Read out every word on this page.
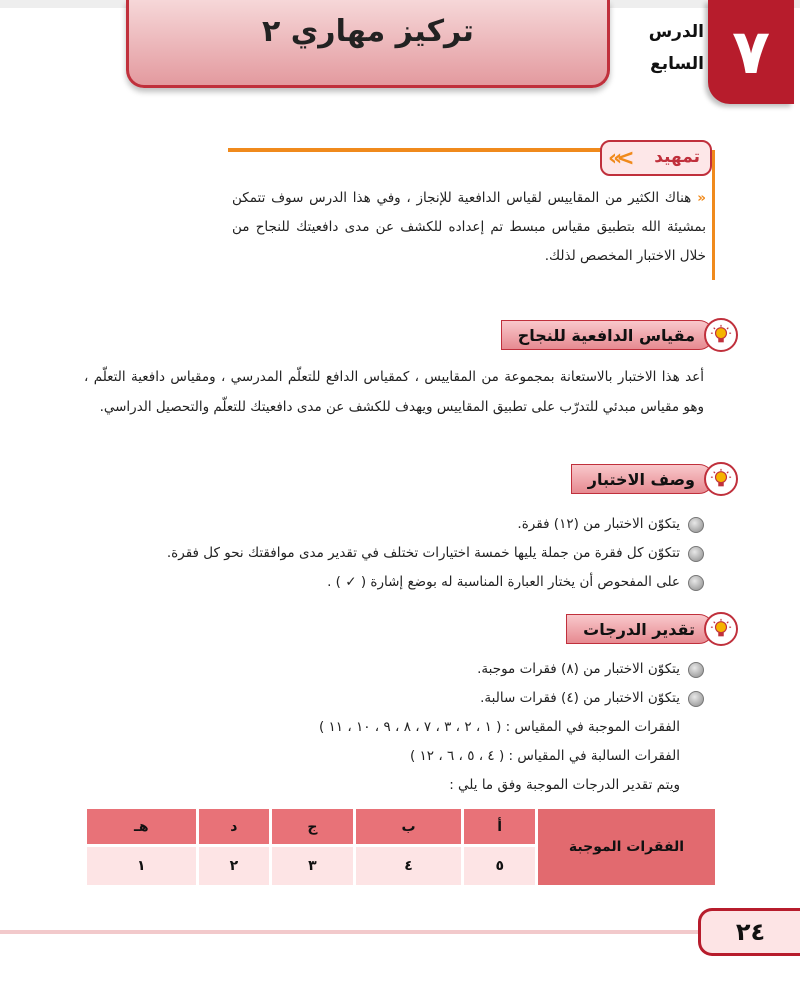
تركيز مهاري ٢	الدرس
السابع ٧
«< تمهيد
«هناك الكثير من المقاييس لقياس الدافعية للإنجاز ، وفي هذا الدرس سوف تتمكن بمشيئة الله بتطبيق مقياس مبسط تم إعداده للكشف عن مدى دافعيتك للنجاح من خلال الاختبار المخصص لذلك.
مقياس الدافعية للنجاح
أعد هذا الاختبار بالاستعانة بمجموعة من المقاييس ، كمقياس الدافع للتعلّم المدرسي ، ومقياس دافعية التعلّم ، وهو مقياس مبدئي للتدرّب على تطبيق المقاييس ويهدف للكشف عن مدى دافعيتك للتعلّم والتحصيل الدراسي.
وصف الاختبار
يتكوّن الاختبار من (١٢) فقرة.
تتكوّن كل فقرة من جملة يليها خمسة اختيارات تختلف في تقدير مدى موافقتك نحو كل فقرة.
على المفحوص أن يختار العبارة المناسبة له بوضع إشارة ( ✓ ) .
تقدير الدرجات
يتكوّن الاختبار من (٨) فقرات موجبة.
يتكوّن الاختبار من (٤) فقرات سالبة.
الفقرات الموجبة في المقياس : ( ١ ، ٢ ، ٣ ، ٧ ، ٨ ، ٩ ، ١٠ ، ١١ )
الفقرات السالبة في المقياس : ( ٤ ، ٥ ، ٦ ، ١٢ )
ويتم تقدير الدرجات الموجبة وفق ما يلي :
الفقرات الموجبة	أ	ب	ج	د	هـ
	٥	٤	٣	٢	١
٢٤
